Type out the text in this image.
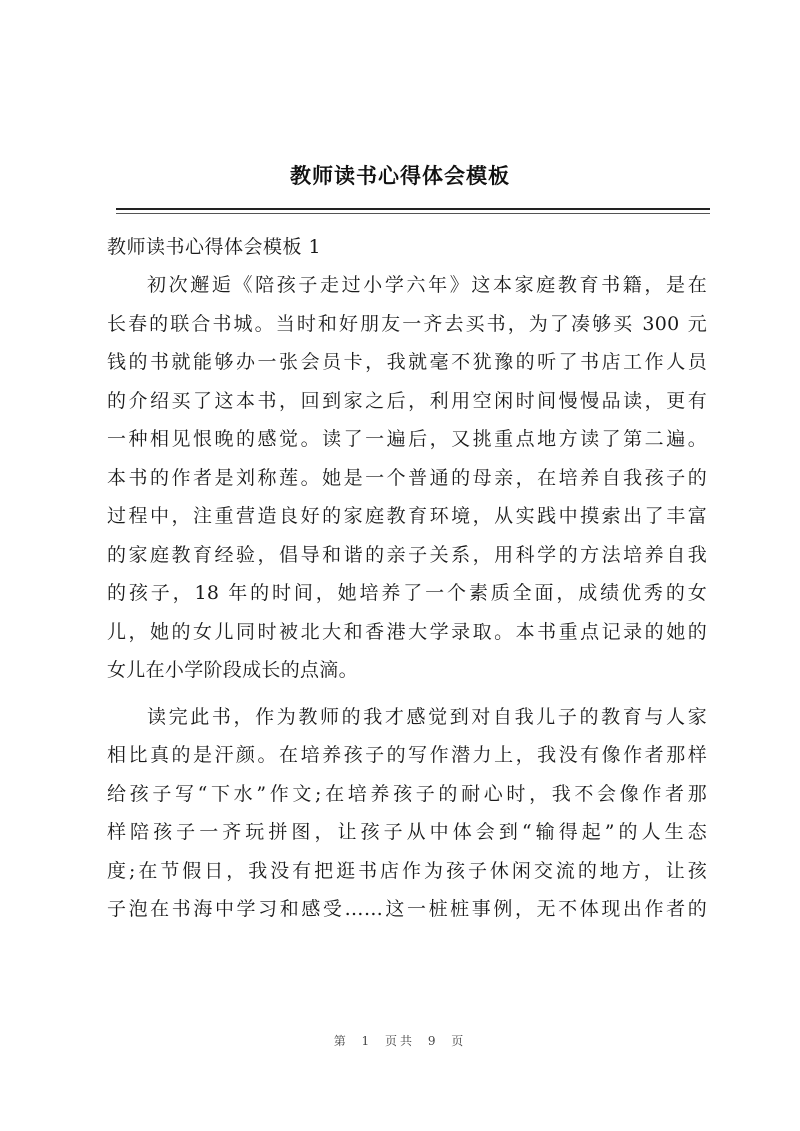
教师读书心得体会模板
教师读书心得体会模板 1
初次邂逅《陪孩子走过小学六年》这本家庭教育书籍，是在
长春的联合书城。当时和好朋友一齐去买书，为了凑够买 300 元
钱的书就能够办一张会员卡，我就毫不犹豫的听了书店工作人员
的介绍买了这本书，回到家之后，利用空闲时间慢慢品读，更有
一种相见恨晚的感觉。读了一遍后，又挑重点地方读了第二遍。
本书的作者是刘称莲。她是一个普通的母亲，在培养自我孩子的
过程中，注重营造良好的家庭教育环境，从实践中摸索出了丰富
的家庭教育经验，倡导和谐的亲子关系，用科学的方法培养自我
的孩子，18 年的时间，她培养了一个素质全面，成绩优秀的女
儿，她的女儿同时被北大和香港大学录取。本书重点记录的她的
女儿在小学阶段成长的点滴。
读完此书，作为教师的我才感觉到对自我儿子的教育与人家
相比真的是汗颜。在培养孩子的写作潜力上，我没有像作者那样
给孩子写“下水”作文;在培养孩子的耐心时，我不会像作者那
样陪孩子一齐玩拼图，让孩子从中体会到“输得起”的人生态
度;在节假日，我没有把逛书店作为孩子休闲交流的地方，让孩
子泡在书海中学习和感受……这一桩桩事例，无不体现出作者的
第 1 页共 9 页
